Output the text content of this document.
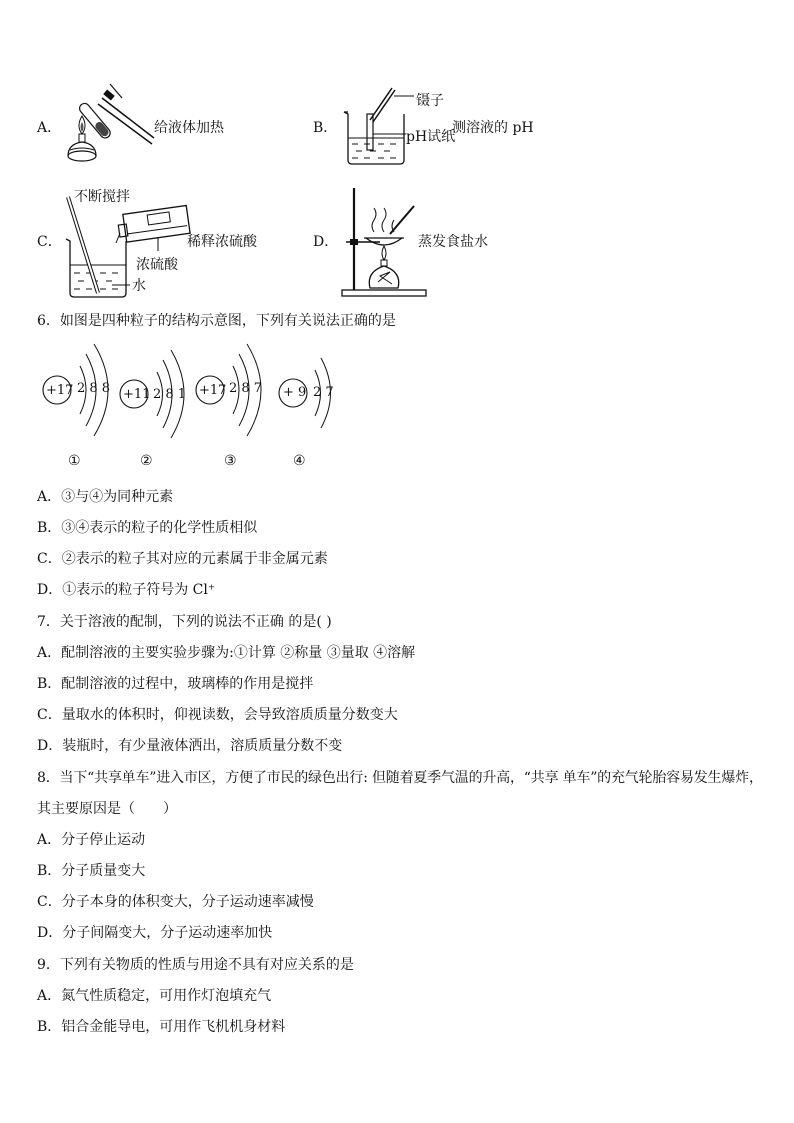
A．	给液体加热	B．
镊子
pH试纸
测溶液的 pH
C．
不断搅拌
稀释浓硫酸
浓硫酸
水
D．	蒸发食盐水
6．如图是四种粒子的结构示意图，下列有关说法正确的是
+17 2 8 8 +11 2 8 1 +17 2 8 7 + 9 2 7
①	②	③	④
A．③与④为同种元素
B．③④表示的粒子的化学性质相似
C．②表示的粒子其对应的元素属于非金属元素
D．①表示的粒子符号为 Cl⁺
7．关于溶液的配制，下列的说法不正确 的是( )
A．配制溶液的主要实验步骤为:①计算 ②称量 ③量取 ④溶解
B．配制溶液的过程中，玻璃棒的作用是搅拌
C．量取水的体积时，仰视读数，会导致溶质质量分数变大
D．装瓶时，有少量液体洒出，溶质质量分数不变
8．当下“共享单车”进入市区，方便了市民的绿色出行: 但随着夏季气温的升高，“共享 单车”的充气轮胎容易发生爆炸，
其主要原因是（　　）
A．分子停止运动
B．分子质量变大
C．分子本身的体积变大，分子运动速率减慢
D．分子间隔变大，分子运动速率加快
9．下列有关物质的性质与用途不具有对应关系的是
A．氮气性质稳定，可用作灯泡填充气
B．铝合金能导电，可用作飞机机身材料
